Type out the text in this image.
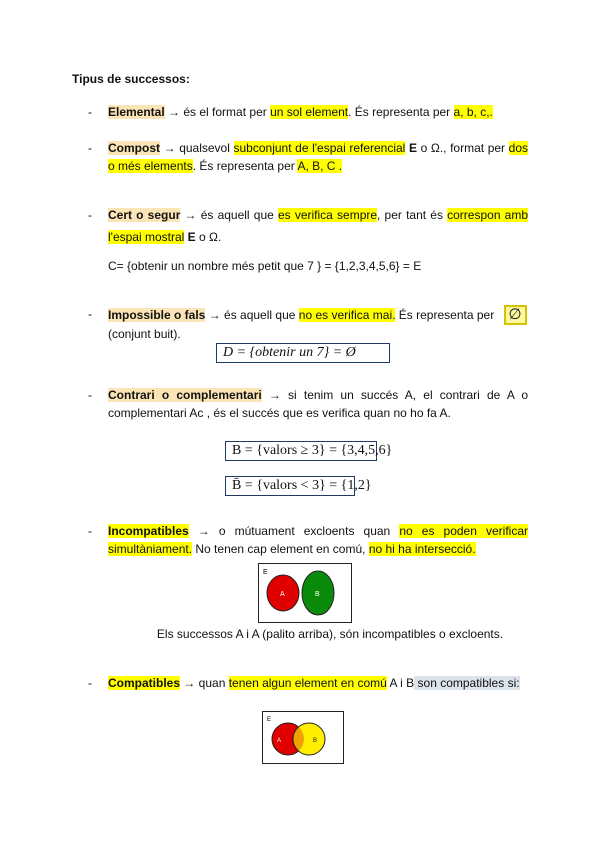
Tipus de successos:
- Elemental → és el format per un sol element. És representa per a, b, c,.
- Compost → qualsevol subconjunt de l'espai referencial E o Ω., format per dos o més elements. És representa per A, B, C .
- Cert o segur → és aquell que es verifica sempre, per tant és correspon amb l'espai mostral E o Ω.
C= {obtenir un nombre més petit que 7 } = {1,2,3,4,5,6} = E
- Impossible o fals → és aquell que no es verifica mai. És representa per ∅
(conjunt buit).
D = {obtenir un 7} = Ø
- Contrari o complementari → si tenim un succés A, el contrari de A o complementari Ac , és el succés que es verifica quan no ho fa A.
B = {valors ≥ 3} = {3,4,5,6}
B̄ = {valors < 3} = {1,2}
- Incompatibles → o mútuament excloents quan no es poden verificar simultàniament. No tenen cap element en comú, no hi ha intersecció.
E
A	B
Els successos A i A (palito arriba), són incompatibles o excloents.
- Compatibles → quan tenen algun element en comú A i B son compatibles si:
E
A	B
